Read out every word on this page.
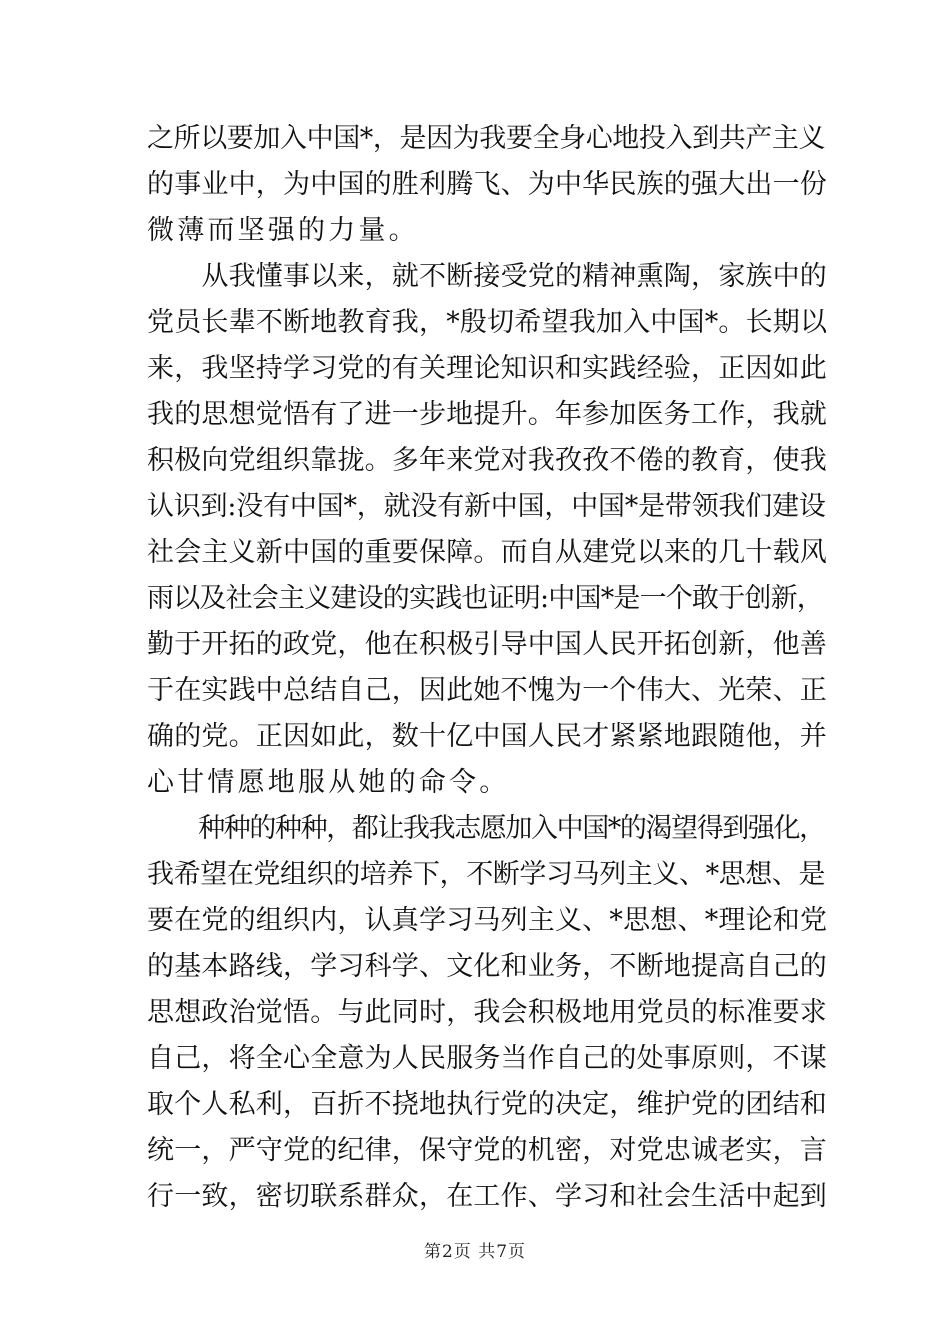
之所以要加入中国*，是因为我要全身心地投入到共产主义
的事业中，为中国的胜利腾飞、为中华民族的强大出一份
微薄而坚强的力量。
　　从我懂事以来，就不断接受党的精神熏陶，家族中的
党员长辈不断地教育我，*殷切希望我加入中国*。长期以
来，我坚持学习党的有关理论知识和实践经验，正因如此
我的思想觉悟有了进一步地提升。年参加医务工作，我就
积极向党组织靠拢。多年来党对我孜孜不倦的教育，使我
认识到:没有中国*，就没有新中国，中国*是带领我们建设
社会主义新中国的重要保障。而自从建党以来的几十载风
雨以及社会主义建设的实践也证明:中国*是一个敢于创新，
勤于开拓的政党，他在积极引导中国人民开拓创新，他善
于在实践中总结自己，因此她不愧为一个伟大、光荣、正
确的党。正因如此，数十亿中国人民才紧紧地跟随他，并
心甘情愿地服从她的命令。
　　种种的种种，都让我我志愿加入中国*的渴望得到强化，
我希望在党组织的培养下，不断学习马列主义、*思想、是
要在党的组织内，认真学习马列主义、*思想、*理论和党
的基本路线，学习科学、文化和业务，不断地提高自己的
思想政治觉悟。与此同时，我会积极地用党员的标准要求
自己，将全心全意为人民服务当作自己的处事原则，不谋
取个人私利，百折不挠地执行党的决定，维护党的团结和
统一，严守党的纪律，保守党的机密，对党忠诚老实，言
行一致，密切联系群众，在工作、学习和社会生活中起到
第2页 共7页
